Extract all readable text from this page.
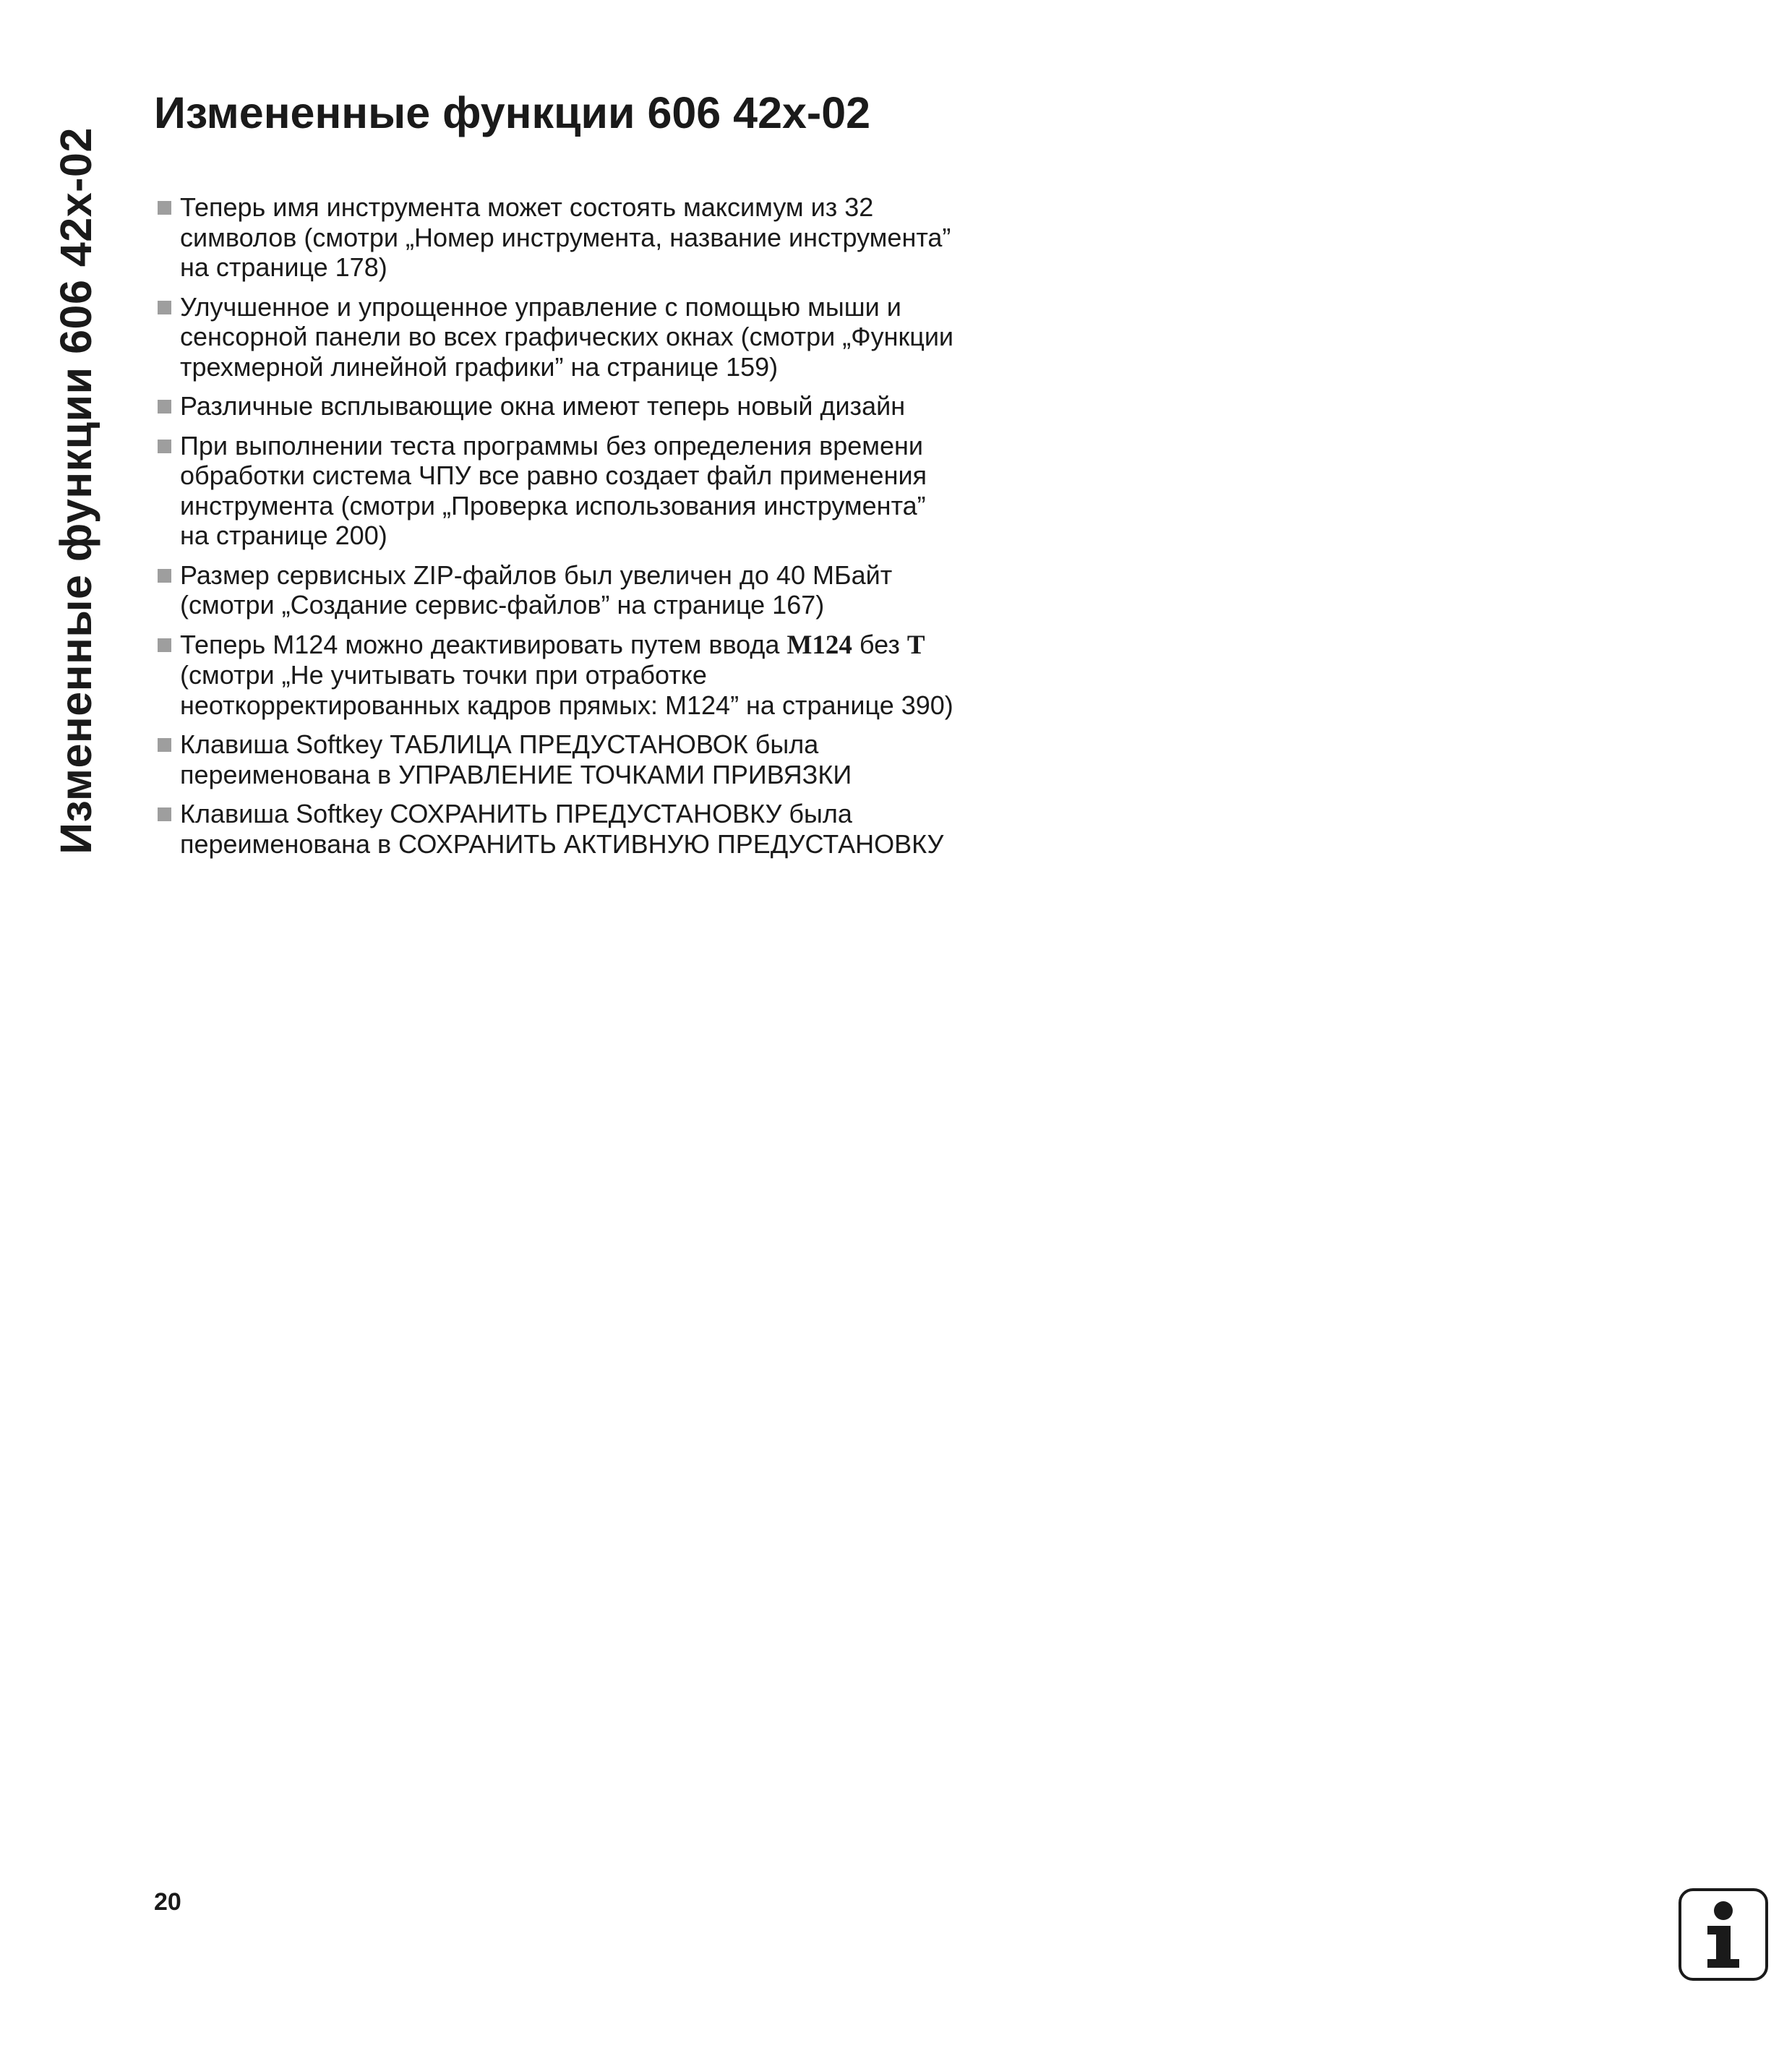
Измененные функции 606 42x-02
Измененные функции 606 42x-02
Теперь имя инструмента может состоять максимум из 32
символов (смотри „Номер инструмента, название инструмента”
на странице 178)
Улучшенное и упрощенное управление с помощью мыши и
сенсорной панели во всех графических окнах (смотри „Функции
трехмерной линейной графики” на странице 159)
Различные всплывающие окна имеют теперь новый дизайн
При выполнении теста программы без определения времени
обработки система ЧПУ все равно создает файл применения
инструмента (смотри „Проверка использования инструмента”
на странице 200)
Размер сервисных ZIP-файлов был увеличен до 40 МБайт
(смотри „Создание сервис-файлов” на странице 167)
Теперь M124 можно деактивировать путем ввода M124 без T
(смотри „Не учитывать точки при отработке
неоткорректированных кадров прямых: M124” на странице 390)
Клавиша Softkey ТАБЛИЦА ПРЕДУСТАНОВОК была
переименована в УПРАВЛЕНИЕ ТОЧКАМИ ПРИВЯЗКИ
Клавиша Softkey СОХРАНИТЬ ПРЕДУСТАНОВКУ была
переименована в СОХРАНИТЬ АКТИВНУЮ ПРЕДУСТАНОВКУ
20
